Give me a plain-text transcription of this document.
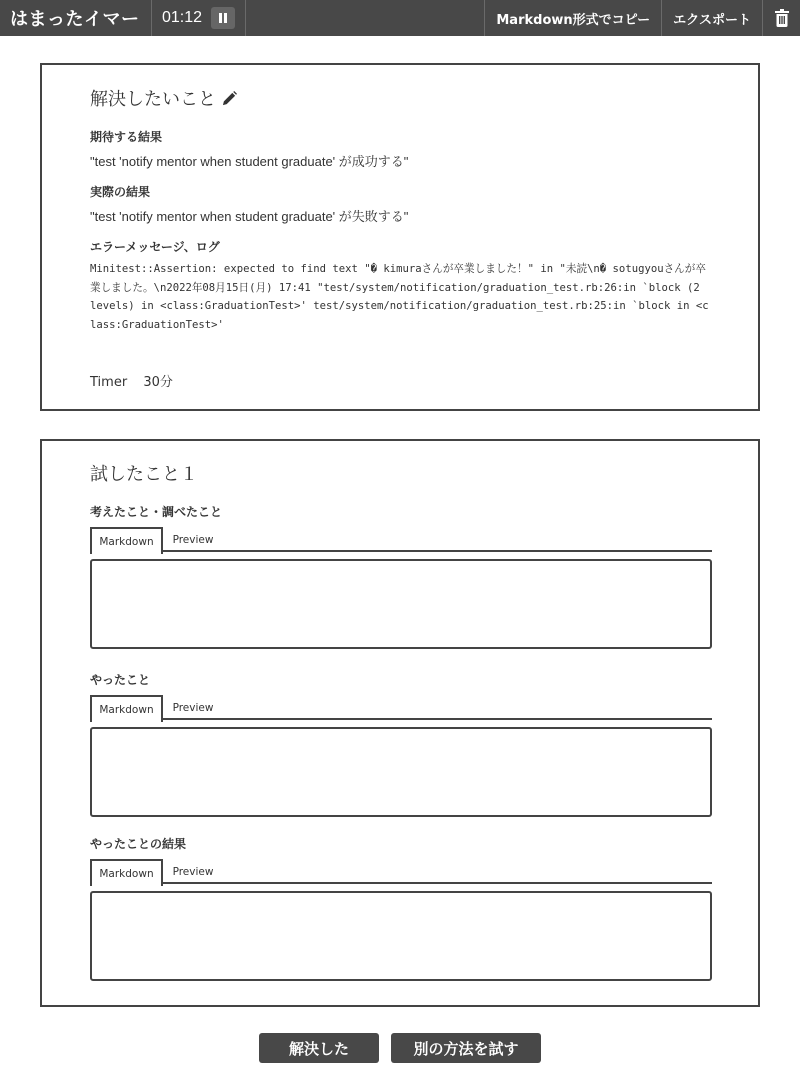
はまったイマー	01:12	Markdown形式でコピー	エクスポート
解決したいこと
期待する結果
"test 'notify mentor when student graduate' が成功する"
実際の結果
"test 'notify mentor when student graduate' が失敗する"
エラーメッセージ、ログ
Minitest::Assertion: expected to find text "� kimuraさんが卒業しました！" in "未読\n� sotugyouさんが卒業しました。\n2022年08月15日(月) 17:41 "test/system/notification/graduation_test.rb:26:in `block (2 levels) in <class:GraduationTest>' test/system/notification/graduation_test.rb:25:in `block in <class:GraduationTest>'
Timer 30分
試したこと１
考えたこと・調べたこと
Markdown	Preview
やったこと
Markdown	Preview
やったことの結果
Markdown	Preview
解決した	別の方法を試す
